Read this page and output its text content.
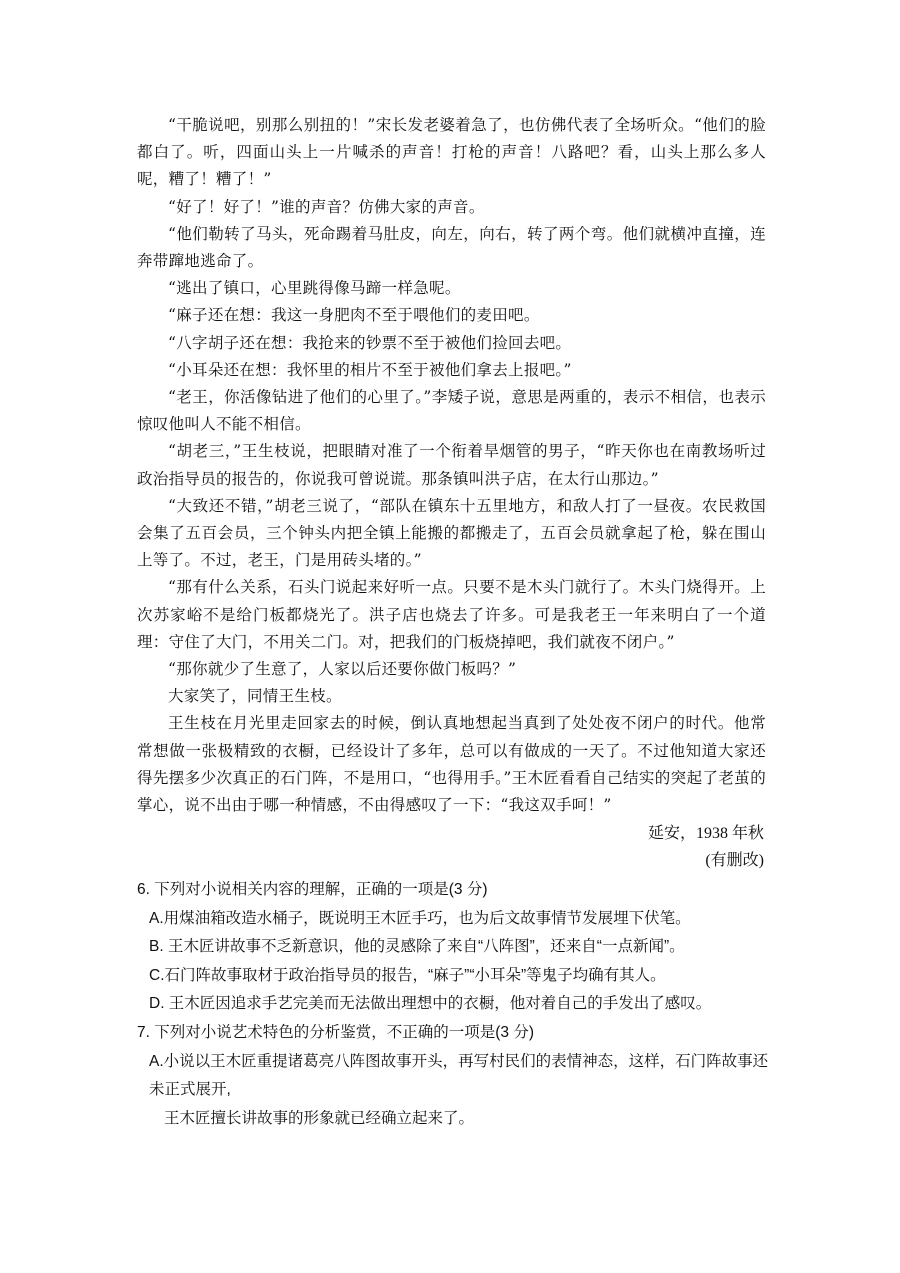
“干脆说吧，别那么别扭的！”宋长发老婆着急了，也仿佛代表了全场听众。“他们的脸都白了。听，四面山头上一片喊杀的声音！打枪的声音！八路吧？看，山头上那么多人呢，糟了！糟了！”

“好了！好了！”谁的声音？仿佛大家的声音。

“他们勒转了马头，死命踢着马肚皮，向左，向右，转了两个弯。他们就横冲直撞，连奔带蹿地逃命了。

“逃出了镇口，心里跳得像马蹄一样急呢。

“麻子还在想：我这一身肥肉不至于喂他们的麦田吧。

“八字胡子还在想：我抢来的钞票不至于被他们捡回去吧。

“小耳朵还在想：我怀里的相片不至于被他们拿去上报吧。”

“老王，你活像钻进了他们的心里了。”李矮子说，意思是两重的，表示不相信，也表示惊叹他叫人不能不相信。

“胡老三，”王生枝说，把眼睛对准了一个衔着旱烟管的男子，“昨天你也在南教场听过政治指导员的报告的，你说我可曾说谎。那条镇叫洪子店，在太行山那边。”

“大致还不错，”胡老三说了，“部队在镇东十五里地方，和敌人打了一昼夜。农民救国会集了五百会员，三个钟头内把全镇上能搬的都搬走了，五百会员就拿起了枪，躲在围山上等了。不过，老王，门是用砖头堵的。”

“那有什么关系，石头门说起来好听一点。只要不是木头门就行了。木头门烧得开。上次苏家峪不是给门板都烧光了。洪子店也烧去了许多。可是我老王一年来明白了一个道理：守住了大门，不用关二门。对，把我们的门板烧掉吧，我们就夜不闭户。”

“那你就少了生意了，人家以后还要你做门板吗？”

大家笑了，同情王生枝。

王生枝在月光里走回家去的时候，倒认真地想起当真到了处处夜不闭户的时代。他常常想做一张极精致的衣橱，已经设计了多年，总可以有做成的一天了。不过他知道大家还得先摆多少次真正的石门阵，不是用口，“也得用手。”王木匠看看自己结实的突起了老茧的掌心，说不出由于哪一种情感，不由得感叹了一下：“我这双手呵！”

延安，1938 年秋
(有删改)

6. 下列对小说相关内容的理解，正确的一项是(3 分)

A.用煤油箱改造水桶子，既说明王木匠手巧，也为后文故事情节发展埋下伏笔。

B. 王木匠讲故事不乏新意识，他的灵感除了来自“八阵图”，还来自“一点新闻”。

C.石门阵故事取材于政治指导员的报告，“麻子”“小耳朵”等鬼子均确有其人。

D. 王木匠因追求手艺完美而无法做出理想中的衣橱，他对着自己的手发出了感叹。

7. 下列对小说艺术特色的分析鉴赏，不正确的一项是(3 分)

A.小说以王木匠重提诸葛亮八阵图故事开头，再写村民们的表情神态，这样，石门阵故事还未正式展开,

王木匠擅长讲故事的形象就已经确立起来了。
